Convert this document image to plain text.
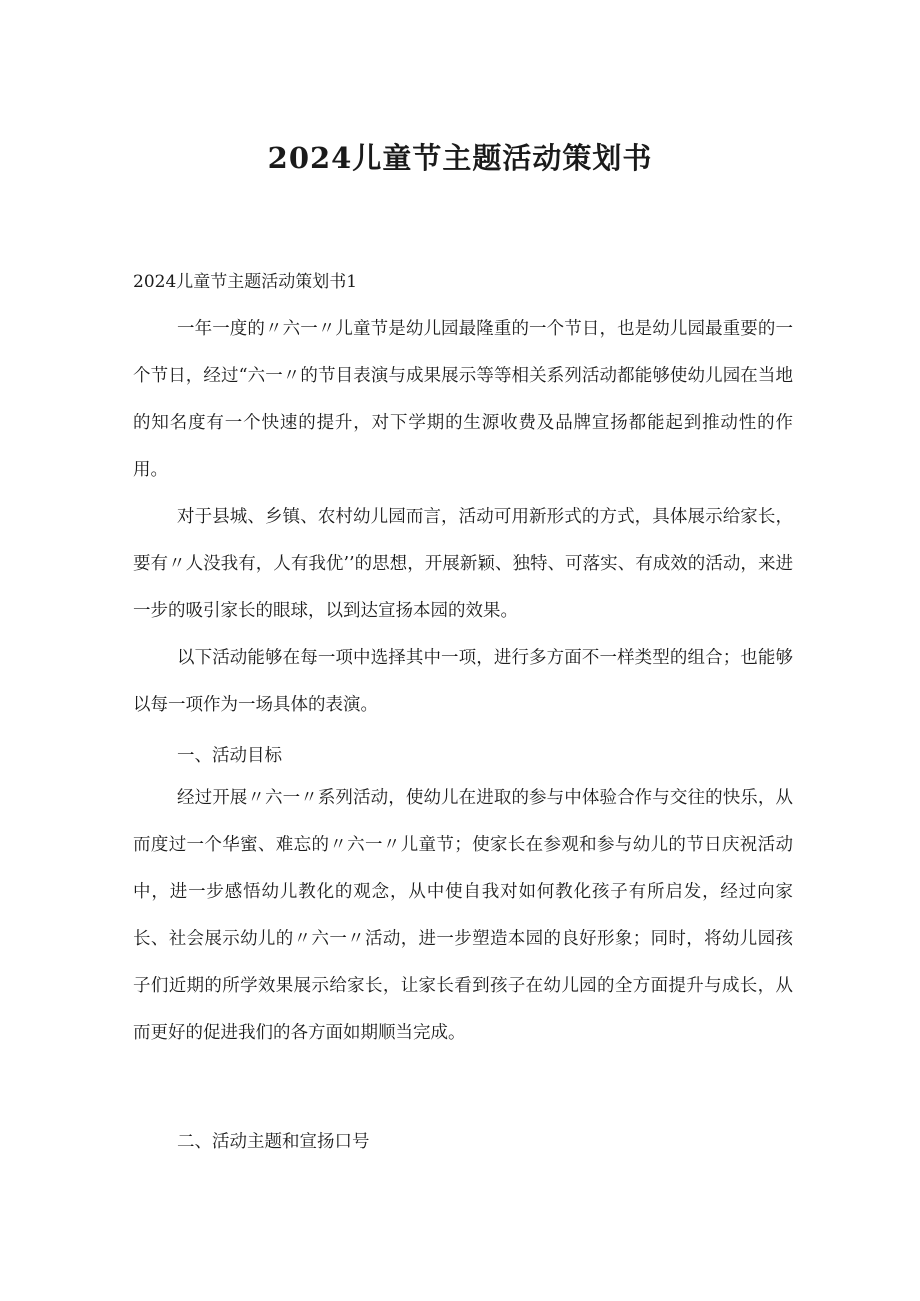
2024儿童节主题活动策划书
2024儿童节主题活动策划书1

一年一度的〃六一〃儿童节是幼儿园最隆重的一个节日，也是幼儿园最重要的一个节日，经过“六一〃的节目表演与成果展示等等相关系列活动都能够使幼儿园在当地的知名度有一个快速的提升，对下学期的生源收费及品牌宣扬都能起到推动性的作用。

对于县城、乡镇、农村幼儿园而言，活动可用新形式的方式，具体展示给家长，要有〃人没我有，人有我优’’的思想，开展新颖、独特、可落实、有成效的活动，来进一步的吸引家长的眼球，以到达宣扬本园的效果。

以下活动能够在每一项中选择其中一项，进行多方面不一样类型的组合；也能够以每一项作为一场具体的表演。

一、活动目标

经过开展〃六一〃系列活动，使幼儿在进取的参与中体验合作与交往的快乐，从而度过一个华蜜、难忘的〃六一〃儿童节；使家长在参观和参与幼儿的节日庆祝活动中，进一步感悟幼儿教化的观念，从中使自我对如何教化孩子有所启发，经过向家长、社会展示幼儿的〃六一〃活动，进一步塑造本园的良好形象；同时，将幼儿园孩子们近期的所学效果展示给家长，让家长看到孩子在幼儿园的全方面提升与成长，从而更好的促进我们的各方面如期顺当完成。

二、活动主题和宣扬口号
